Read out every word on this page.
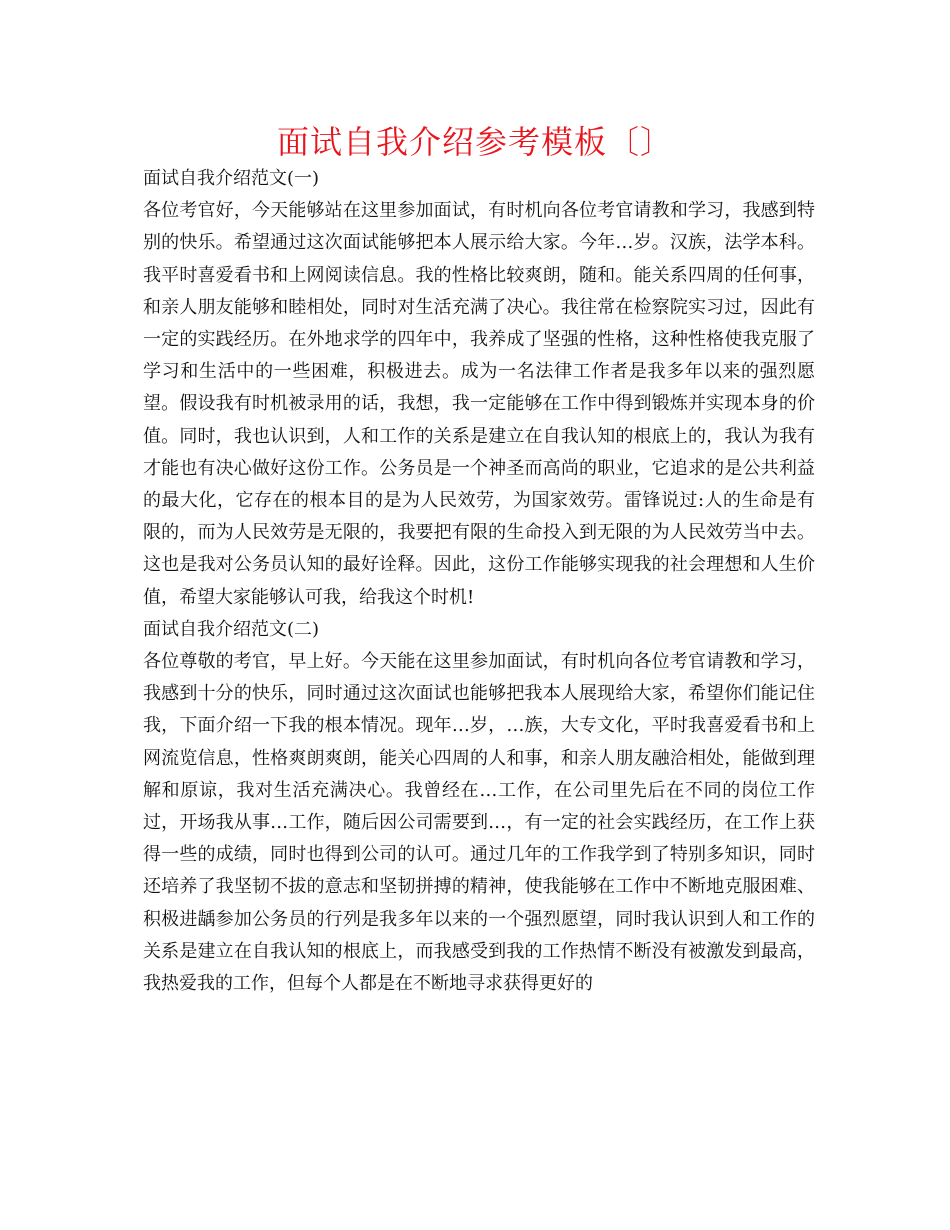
面试自我介绍参考模板〔〕

面试自我介绍范文(一)

各位考官好，今天能够站在这里参加面试，有时机向各位考官请教和学习，我感到特别的快乐。希望通过这次面试能够把本人展示给大家。今年…岁。汉族，法学本科。我平时喜爱看书和上网阅读信息。我的性格比较爽朗，随和。能关系四周的任何事，和亲人朋友能够和睦相处，同时对生活充满了决心。我往常在检察院实习过，因此有一定的实践经历。在外地求学的四年中，我养成了坚强的性格，这种性格使我克服了学习和生活中的一些困难，积极进去。成为一名法律工作者是我多年以来的强烈愿望。假设我有时机被录用的话，我想，我一定能够在工作中得到锻炼并实现本身的价值。同时，我也认识到，人和工作的关系是建立在自我认知的根底上的，我认为我有才能也有决心做好这份工作。公务员是一个神圣而高尚的职业，它追求的是公共利益的最大化，它存在的根本目的是为人民效劳，为国家效劳。雷锋说过:人的生命是有限的，而为人民效劳是无限的，我要把有限的生命投入到无限的为人民效劳当中去。这也是我对公务员认知的最好诠释。因此，这份工作能够实现我的社会理想和人生价值，希望大家能够认可我，给我这个时机!

面试自我介绍范文(二)

各位尊敬的考官，早上好。今天能在这里参加面试，有时机向各位考官请教和学习，我感到十分的快乐，同时通过这次面试也能够把我本人展现给大家，希望你们能记住我，下面介绍一下我的根本情况。现年…岁，…族，大专文化，平时我喜爱看书和上网流览信息，性格爽朗爽朗，能关心四周的人和事，和亲人朋友融洽相处，能做到理解和原谅，我对生活充满决心。我曾经在…工作，在公司里先后在不同的岗位工作过，开场我从事…工作，随后因公司需要到…，有一定的社会实践经历，在工作上获得一些的成绩，同时也得到公司的认可。通过几年的工作我学到了特别多知识，同时还培养了我坚韧不拔的意志和坚韧拼搏的精神，使我能够在工作中不断地克服困难、积极进龋参加公务员的行列是我多年以来的一个强烈愿望，同时我认识到人和工作的关系是建立在自我认知的根底上，而我感受到我的工作热情不断没有被激发到最高，我热爱我的工作，但每个人都是在不断地寻求获得更好的
